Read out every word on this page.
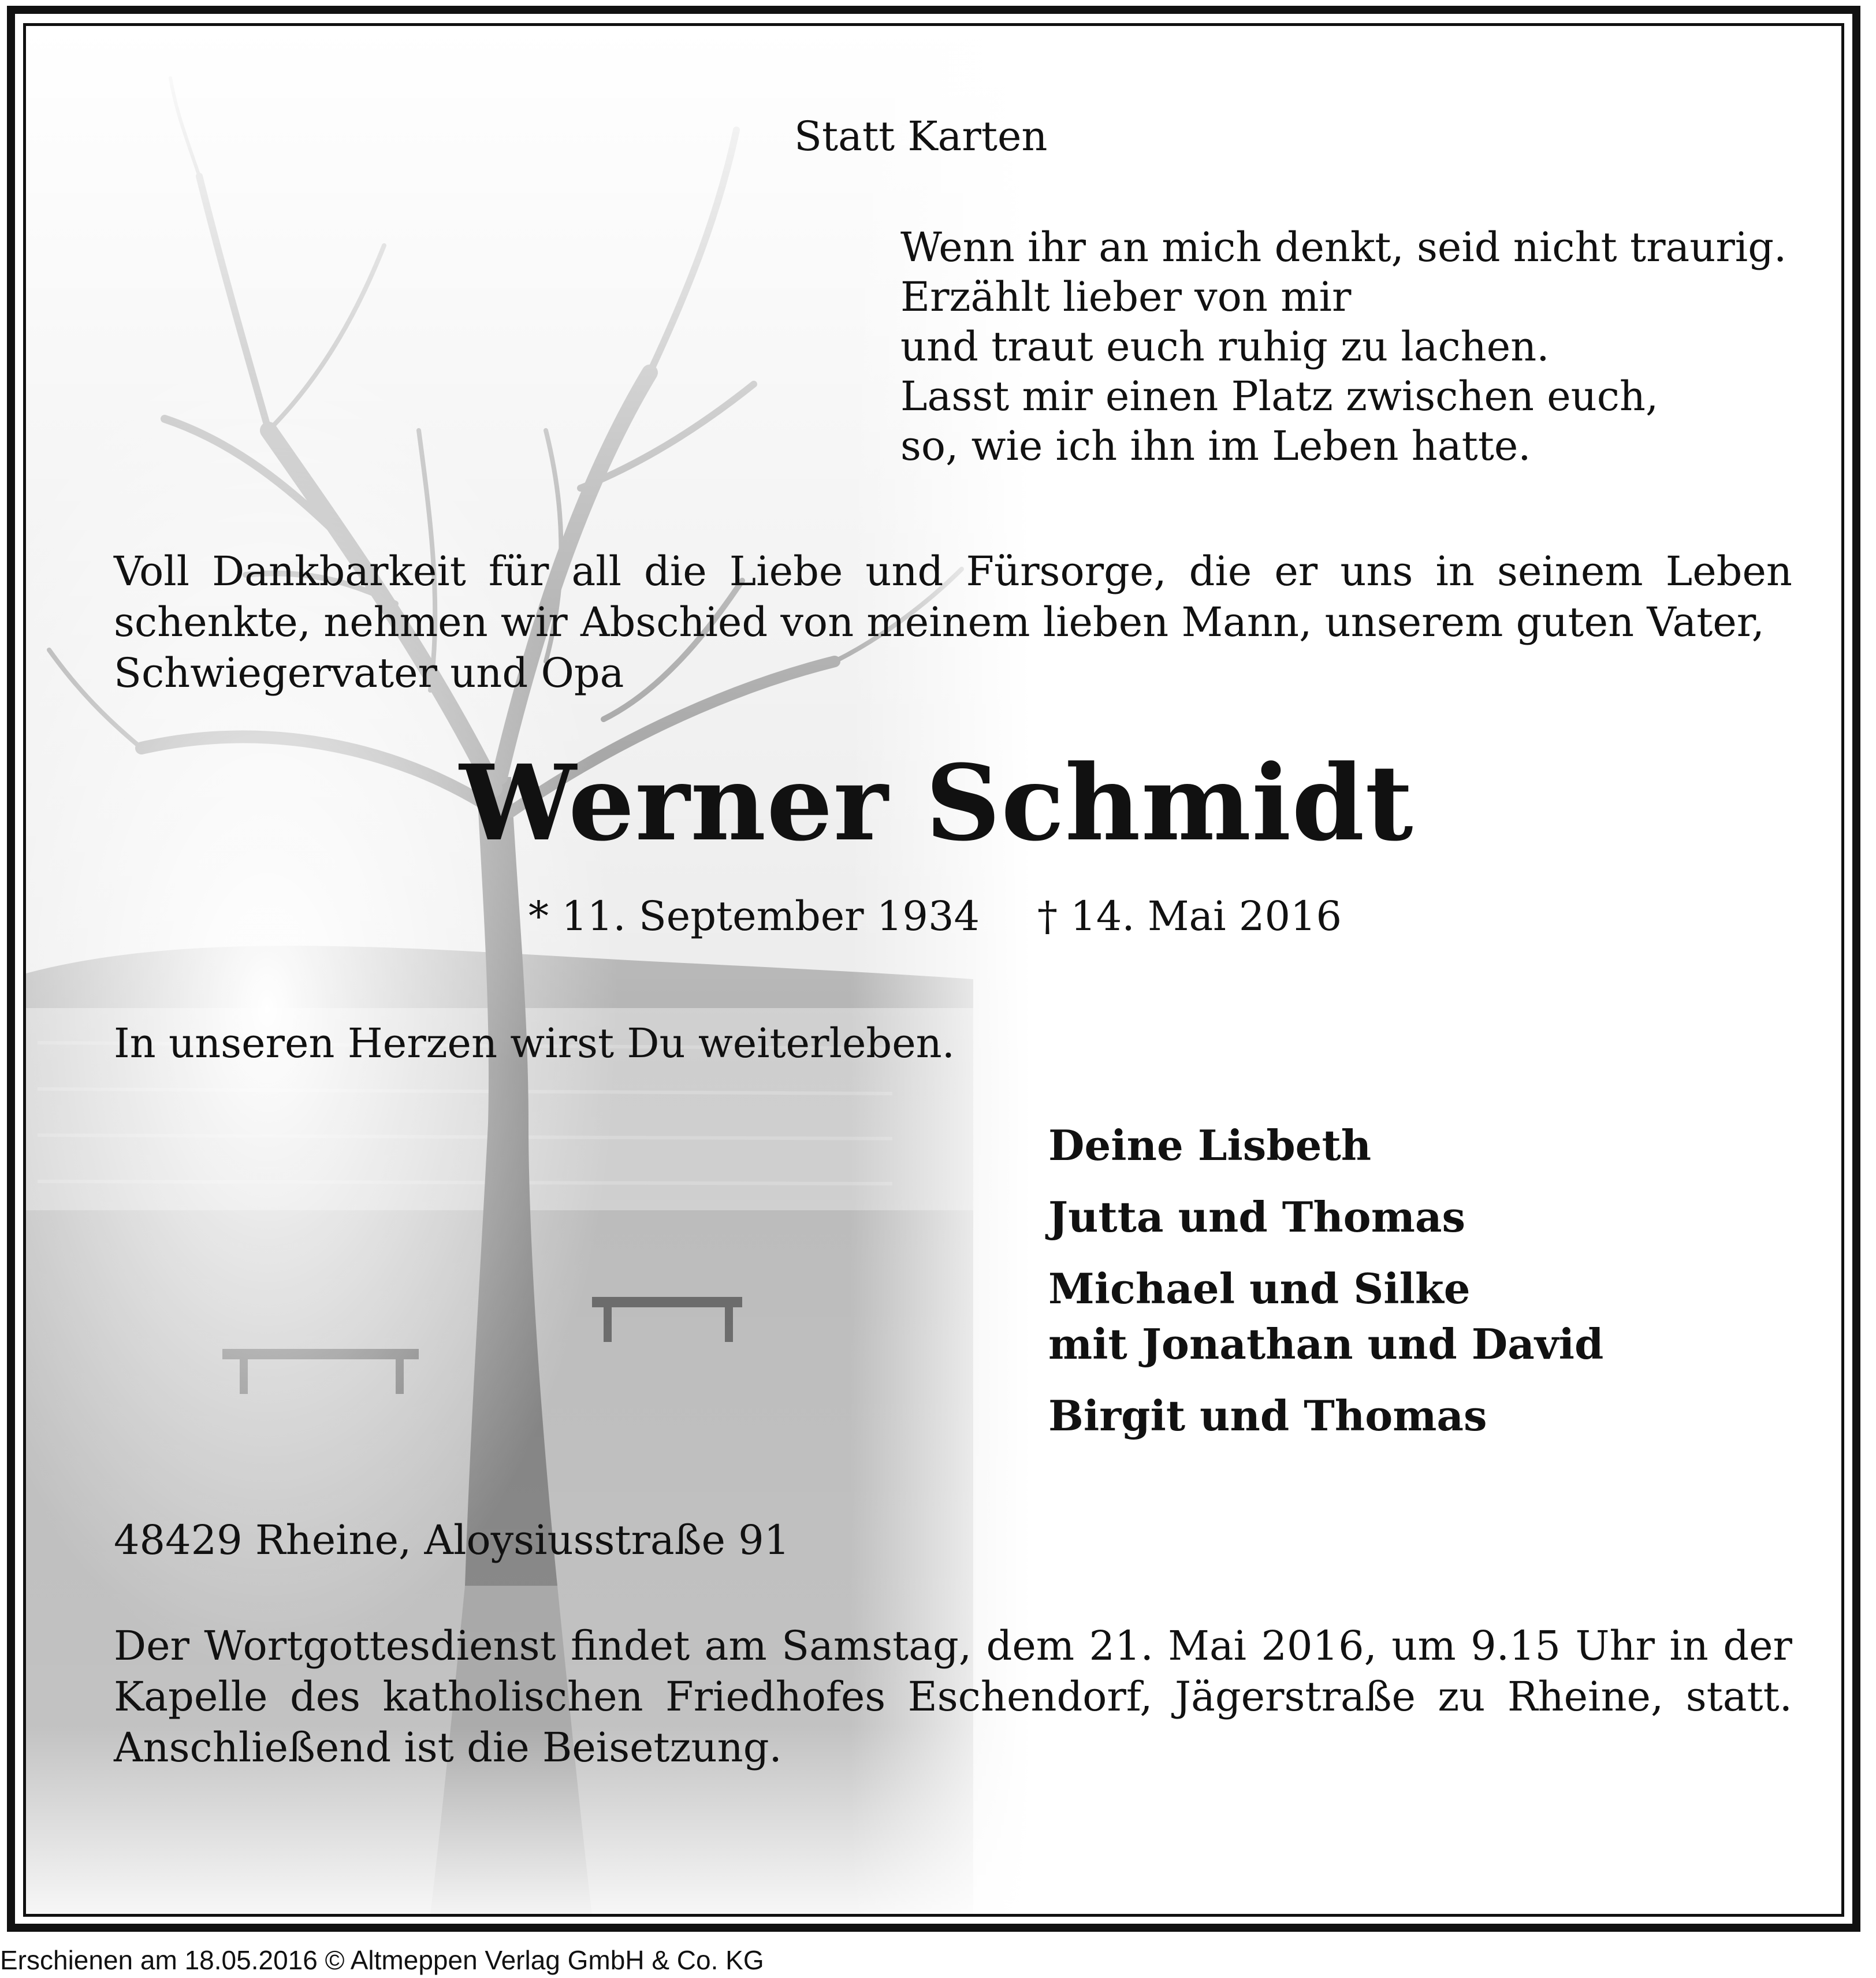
Statt Karten

Wenn ihr an mich denkt, seid nicht traurig.
Erzählt lieber von mir
und traut euch ruhig zu lachen.
Lasst mir einen Platz zwischen euch,
so, wie ich ihn im Leben hatte.
Voll Dankbarkeit für all die Liebe und Fürsorge, die er uns in seinem Leben schenkte, nehmen wir Abschied von meinem lieben Mann, unserem guten Vater,
Schwiegervater und Opa
Werner Schmidt
* 11. September 1934 † 14. Mai 2016
In unseren Herzen wirst Du weiterleben.
Deine Lisbeth
Jutta und Thomas
Michael und Silke
mit Jonathan und David
Birgit und Thomas
48429 Rheine, Aloysiusstraße 91
Der Wortgottesdienst findet am Samstag, dem 21. Mai 2016, um 9.15 Uhr in der Kapelle des katholischen Friedhofes Eschendorf, Jägerstraße zu Rheine, statt. Anschließend ist die Beisetzung.
Erschienen am 18.05.2016 © Altmeppen Verlag GmbH & Co. KG
